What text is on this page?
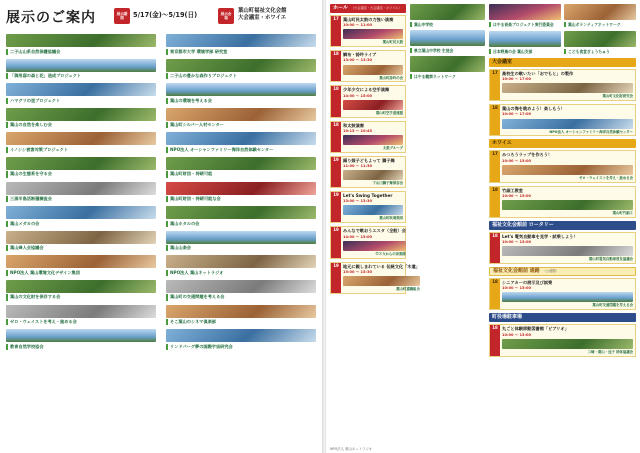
展示のご案内	展示期間	5/17(金)～5/19(日)	展示会場
葉山町福祉文化会館
大会議室・ホワイエ
二子山山系自然保護協議会
「御用邸の森と花」造成プロジェクト
ハマグリの里プロジェクト
葉山の自然を楽しむ会
イノシシ被害対策プロジェクト
葉山の生態系を守る会
三浦半島活断層調査会
葉山メダカの会
葉山婦人会協議会
NPO法人 葉山環境文化デザイン集団
葉山の文化財を保存する会
ゼロ・ウェイストを考え・進める会
教育自然学校協会
東京都市大学 環境学部 研究室
二子山の豊かな森作りプロジェクト
葉山の環境を考える会
葉山町シルバー人材センター
NPO法人 オーシャンファミリー海洋自然体験センター
葉山町財団 - 持続可能
葉山町財団 - 持続可能な会
葉山ホタルの会
葉山山楽会
NPO法人 葉山ネットラジオ
葉山町の交通問題を考える会
そこ葉山のシネマ倶楽部
リンドバーグ夢の国際宇宙研究会
ホール （小会議室・大会議室・ホワイエ）
17	葉山町民太鼓の力強い演奏
10:00 ～ 11:00
葉山町民太鼓
18	調布・詩吟ライブ
13:00 ～ 13:30
葉山町詩吟の会
18	少年少女による空手演舞
14:00 ～ 15:00
葉山町空手道連盟
18	和太鼓演奏
10:15 ～ 10:45
太鼓グループ
19	踊り嫁子どもよって 獅子舞
11:00 ～ 11:30
下山口獅子舞保存会
19	Let's Swing Together
13:00 ～ 13:30
葉山町吹奏楽団
19	みんなで歌おうエスタ（全般）会
14:00 ～ 15:00
ＯＳＡからの音楽隊
19	地元に親しまれている 伝統文化「木遣」
15:00 ～ 15:30
葉山町鳶職組合
葉山中学校
県立葉山中学校 生徒会
はやま観察ネットワーク
はやま音楽プロジェクト実行委員会	葉山ボランティアネットワーク
日本野鳥の会 葉山支部	こども食堂ぎょうちゅう
大会議室
17	高校生の歌いたい「おでもと」の製作
10:00 ～ 17:00
葉山町文化財研究会
18	葉山の海を眺めよう！楽しもう！
10:00 ～ 17:00
NPO法人 オーシャンファミリー海洋自然体験センター
ホワイエ
17	みつろうラップを作ろう！
10:00 ～ 15:00
ゼロ・ウェイストを考え・進める会
18	竹細工教室
10:00 ～ 15:00
葉山町竹細工
福祉文化会館前 ロータリー
18	Let's 電気自動車を見学・試乗しよう！
10:00 ～ 15:00
葉山町電気自動車普及協議会
福祉文化会館前 通路 （公道側）
18	シニアカーの展示及び試乗
10:00 ～ 15:00
葉山町交通問題を考える会
町役場駐車場
18	丸ごと体験移動図書館「ビブリオ」
10:00 ～ 15:00
三崎・葉山・逗子 団体協議会
NPO法人 葉山ネットラジオ
